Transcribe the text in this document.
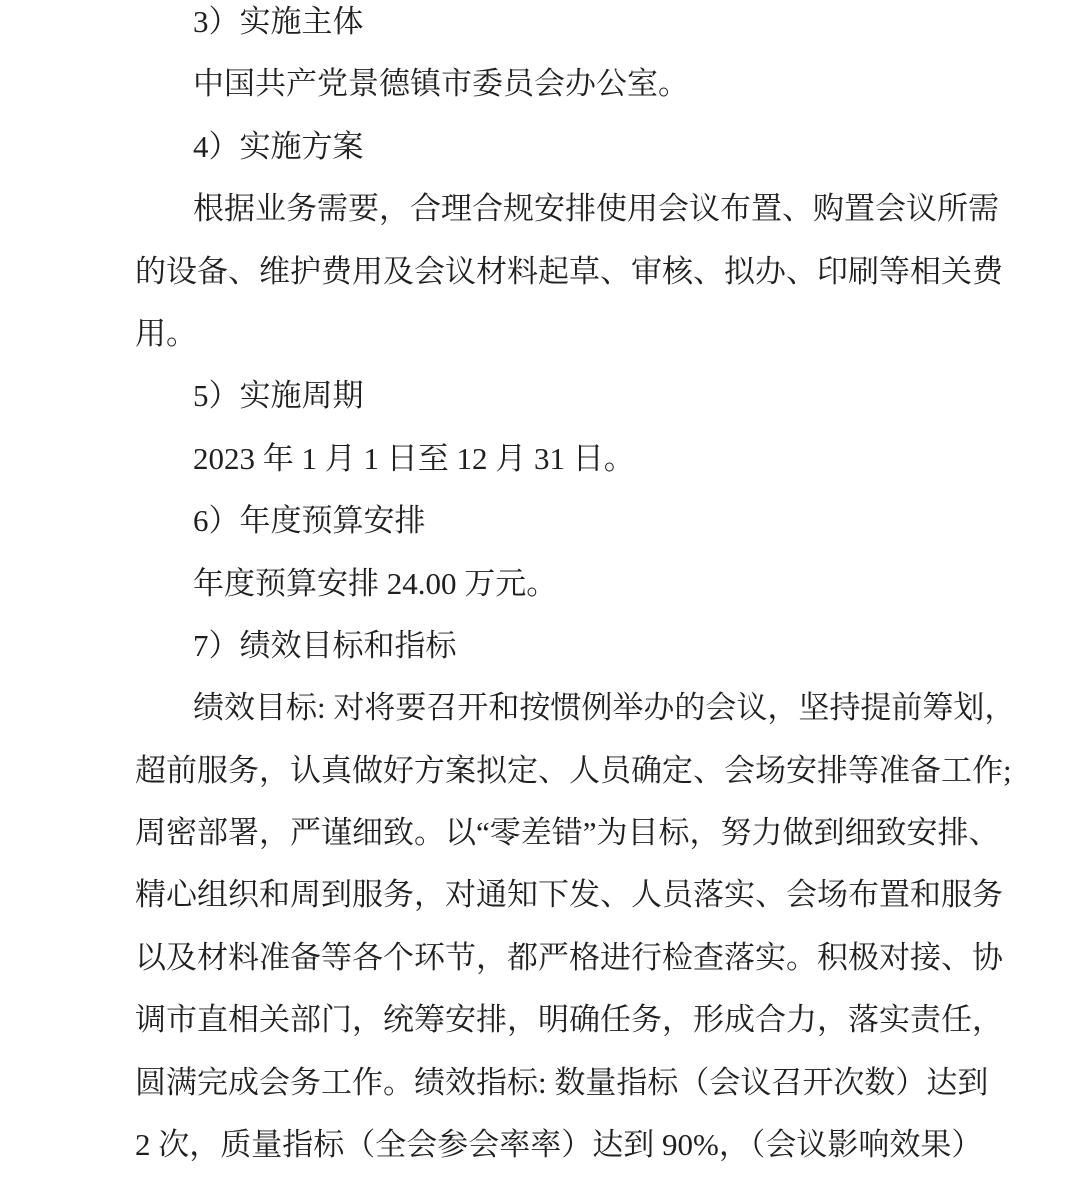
3）实施主体
中国共产党景德镇市委员会办公室。
4）实施方案
根 据 业 务 需 要 ， 合 理 合 规 安 排 使 用 会 议 布 置 、 购 置 会 议 所 需
的 设 备 、 维 护 费 用 及 会 议 材 料 起 草 、 审 核 、 拟 办 、 印 刷 等 相 关 费
用。
5）实施周期
2023 年 1 月 1 日至 12 月 31 日。
6）年度预算安排
年度预算安排 24.00 万元。
7）绩效目标和指标
绩 效 目 标 :
对 将 要 召 开 和 按 惯 例 举 办 的 会 议 ， 坚 持 提 前 筹 划 ，
超 前 服 务 ， 认 真 做 好 方 案 拟 定 、 人 员 确 定 、 会 场 安 排 等 准 备 工 作 ;
周 密 部 署 ， 严 谨 细 致 。 以 “ 零 差 错 ” 为 目 标 ， 努 力 做 到 细 致 安 排 、
精 心 组 织 和 周 到 服 务 ， 对 通 知 下 发 、 人 员 落 实 、 会 场 布 置 和 服 务
以 及 材 料 准 备 等 各 个 环 节 ， 都 严 格 进 行 检 查 落 实 。 积 极 对 接 、 协
调 市 直 相 关 部 门 ， 统 筹 安 排 ， 明 确 任 务 ， 形 成 合 力 ， 落 实 责 任 ，
圆 满 完 成 会 务 工 作 。 绩 效 指 标 :
数 量 指 标 （ 会 议 召 开 次 数 ） 达 到
2 次，质量指标（全会参会率率）达到 90%，（会议影响效果）
